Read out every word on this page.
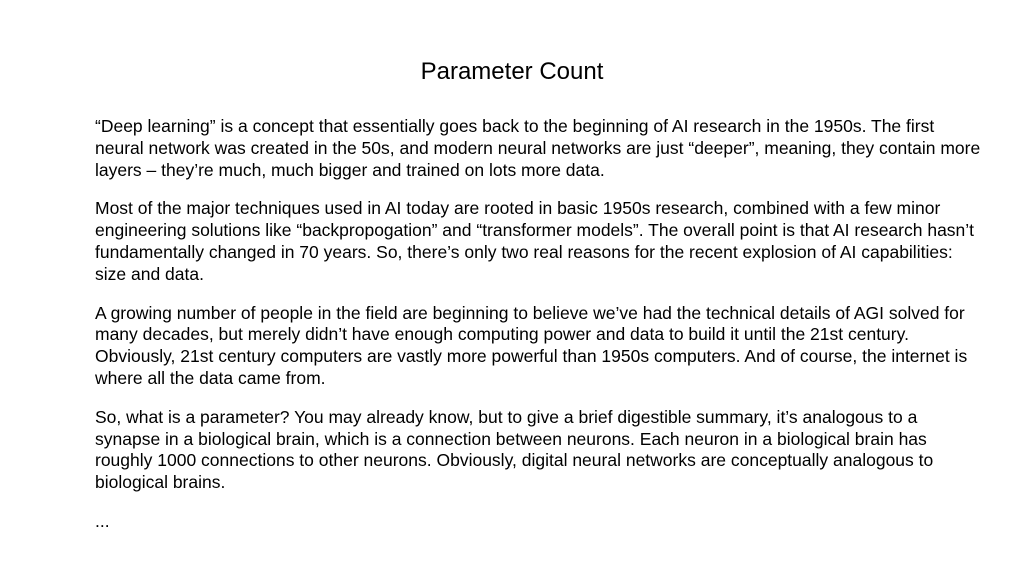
Parameter Count

“Deep learning” is a concept that essentially goes back to the beginning of AI research in the 1950s. The first neural network was created in the 50s, and modern neural networks are just “deeper”, meaning, they contain more layers – they’re much, much bigger and trained on lots more data.

Most of the major techniques used in AI today are rooted in basic 1950s research, combined with a few minor engineering solutions like “backpropogation” and “transformer models”. The overall point is that AI research hasn’t fundamentally changed in 70 years. So, there’s only two real reasons for the recent explosion of AI capabilities: size and data.

A growing number of people in the field are beginning to believe we’ve had the technical details of AGI solved for many decades, but merely didn’t have enough computing power and data to build it until the 21st century. Obviously, 21st century computers are vastly more powerful than 1950s computers. And of course, the internet is where all the data came from.

So, what is a parameter? You may already know, but to give a brief digestible summary, it’s analogous to a synapse in a biological brain, which is a connection between neurons. Each neuron in a biological brain has roughly 1000 connections to other neurons. Obviously, digital neural networks are conceptually analogous to biological brains.

...
